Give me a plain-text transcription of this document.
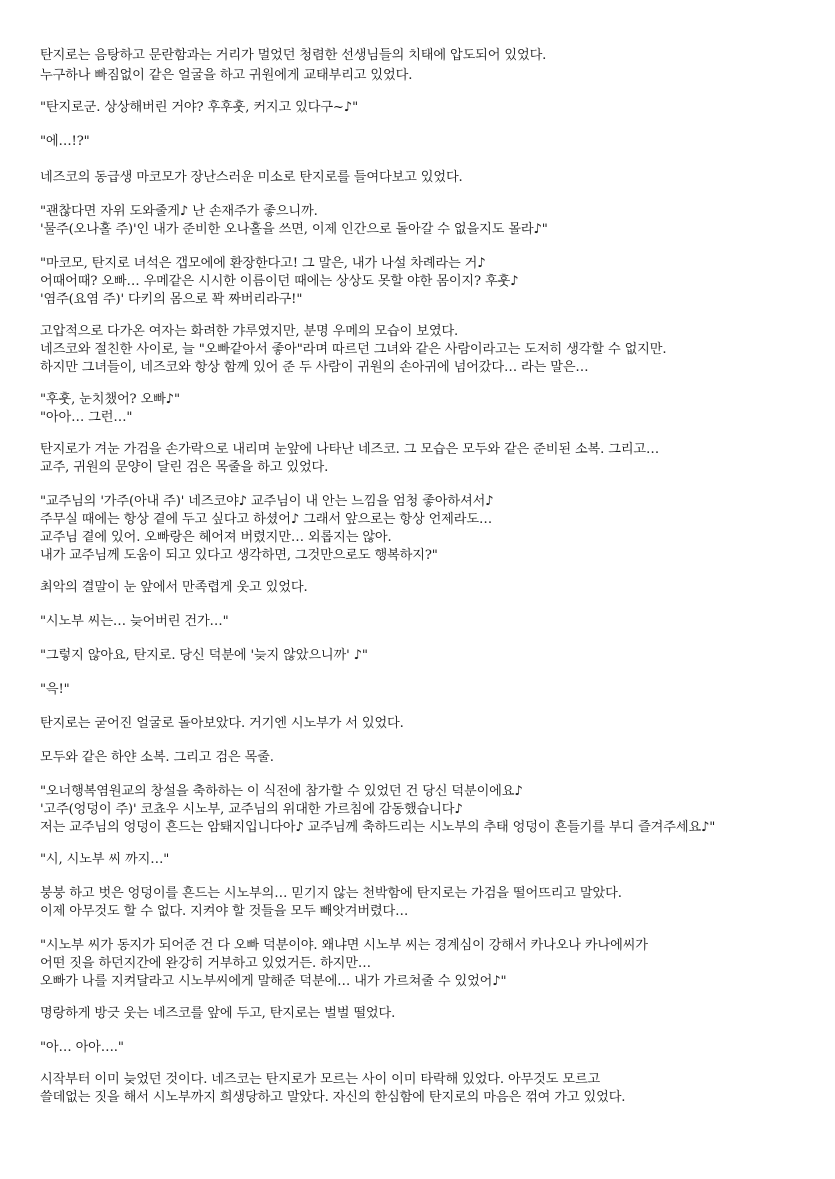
탄지로는 음탕하고 문란함과는 거리가 멀었던 청렴한 선생님들의 치태에 압도되어 있었다.
누구하나 빠짐없이 같은 얼굴을 하고 귀원에게 교태부리고 있었다.
"탄지로군. 상상해버린 거야? 후후훗, 커지고 있다구~♪"
"에…!?"
네즈코의 동급생 마코모가 장난스러운 미소로 탄지로를 들여다보고 있었다.
"괜찮다면 자위 도와줄게♪ 난 손재주가 좋으니까.
'물주(오나홀 주)'인 내가 준비한 오나홀을 쓰면, 이제 인간으로 돌아갈 수 없을지도 몰라♪"
"마코모, 탄지로 녀석은 갭모에에 환장한다고! 그 말은, 내가 나설 차례라는 거♪
어때어때? 오빠… 우메같은 시시한 이름이던 때에는 상상도 못할 야한 몸이지? 후훗♪
'염주(요염 주)' 다키의 몸으로 꽉 짜버리라구!"
고압적으로 다가온 여자는 화려한 갸루였지만, 분명 우메의 모습이 보였다.
네즈코와 절친한 사이로, 늘 "오빠같아서 좋아"라며 따르던 그녀와 같은 사람이라고는 도저히 생각할 수 없지만.
하지만 그녀들이, 네즈코와 항상 함께 있어 준 두 사람이 귀원의 손아귀에 넘어갔다… 라는 말은…
"후훗, 눈치챘어? 오빠♪"
"아아… 그런…"
탄지로가 겨눈 가검을 손가락으로 내리며 눈앞에 나타난 네즈코. 그 모습은 모두와 같은 준비된 소복. 그리고…
교주, 귀원의 문양이 달린 검은 목줄을 하고 있었다.
"교주님의 '가주(아내 주)' 네즈코야♪ 교주님이 내 안는 느낌을 엄청 좋아하셔서♪
주무실 때에는 항상 곁에 두고 싶다고 하셨어♪ 그래서 앞으로는 항상 언제라도…
교주님 곁에 있어. 오빠랑은 헤어져 버렸지만… 외롭지는 않아.
내가 교주님께 도움이 되고 있다고 생각하면, 그것만으로도 행복하지?"
최악의 결말이 눈 앞에서 만족렵게 웃고 있었다.
"시노부 씨는… 늦어버린 건가…"
"그렇지 않아요, 탄지로. 당신 덕분에 '늦지 않았으니까' ♪"
"윽!"
탄지로는 굳어진 얼굴로 돌아보았다. 거기엔 시노부가 서 있었다.
모두와 같은 하얀 소복. 그리고 검은 목줄.
"오너행복염원교의 창설을 축하하는 이 식전에 참가할 수 있었던 건 당신 덕분이에요♪
'고주(엉덩이 주)' 코쵸우 시노부, 교주님의 위대한 가르침에 감동했습니다♪
저는 교주님의 엉덩이 흔드는 암퇘지입니다아♪ 교주님께 축하드리는 시노부의 추태 엉덩이 흔들기를 부디 즐겨주세요♪"
"시, 시노부 씨 까지…"
붕붕 하고 벗은 엉덩이를 흔드는 시노부의… 믿기지 않는 천박함에 탄지로는 가검을 떨어뜨리고 말았다.
이제 아무것도 할 수 없다. 지켜야 할 것들을 모두 빼앗겨버렸다…
"시노부 씨가 동지가 되어준 건 다 오빠 덕분이야. 왜냐면 시노부 씨는 경계심이 강해서 카나오나 카나에씨가
어떤 짓을 하던지간에 완강히 거부하고 있었거든. 하지만…
오빠가 나를 지켜달라고 시노부씨에게 말해준 덕분에… 내가 가르쳐줄 수 있었어♪"
명랑하게 방긋 웃는 네즈코를 앞에 두고, 탄지로는 벌벌 떨었다.
"아… 아아…."
시작부터 이미 늦었던 것이다. 네즈코는 탄지로가 모르는 사이 이미 타락해 있었다. 아무것도 모르고
쓸데없는 짓을 해서 시노부까지 희생당하고 말았다. 자신의 한심함에 탄지로의 마음은 꺾여 가고 있었다.
